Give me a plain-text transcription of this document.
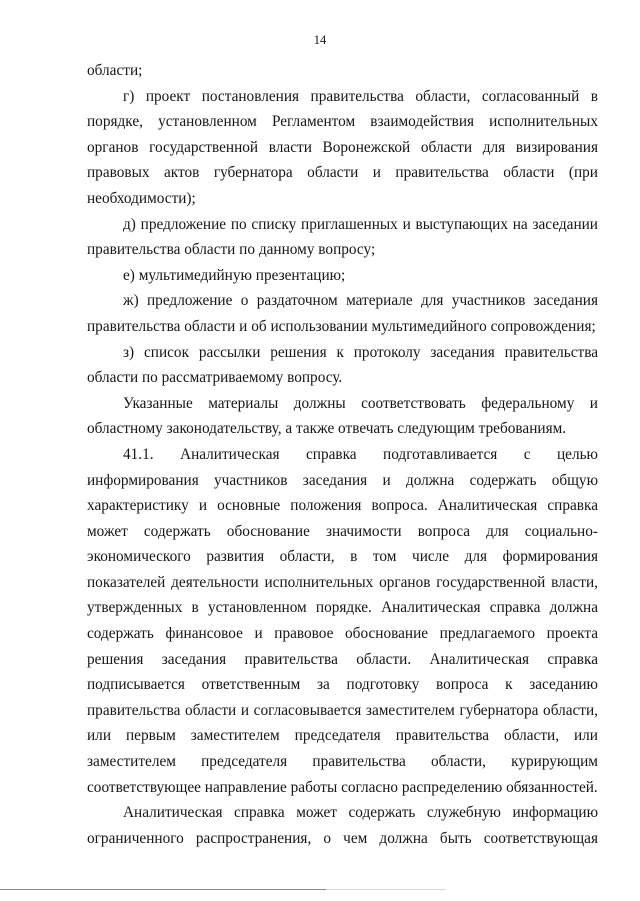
14

области;

г) проект постановления правительства области, согласованный в порядке, установленном Регламентом взаимодействия исполнительных органов государственной власти Воронежской области для визирования правовых актов губернатора области и правительства области (при необходимости);

д) предложение по списку приглашенных и выступающих на заседании правительства области по данному вопросу;

е) мультимедийную презентацию;

ж) предложение о раздаточном материале для участников заседания правительства области и об использовании мультимедийного сопровождения;

з) список рассылки решения к протоколу заседания правительства области по рассматриваемому вопросу.

Указанные материалы должны соответствовать федеральному и областному законодательству, а также отвечать следующим требованиям.

41.1. Аналитическая справка подготавливается с целью информирования участников заседания и должна содержать общую характеристику и основные положения вопроса. Аналитическая справка может содержать обоснование значимости вопроса для социально-экономического развития области, в том числе для формирования показателей деятельности исполнительных органов государственной власти, утвержденных в установленном порядке. Аналитическая справка должна содержать финансовое и правовое обоснование предлагаемого проекта решения заседания правительства области. Аналитическая справка подписывается ответственным за подготовку вопроса к заседанию правительства области и согласовывается заместителем губернатора области, или первым заместителем председателя правительства области, или заместителем председателя правительства области, курирующим соответствующее направление работы согласно распределению обязанностей.

Аналитическая справка может содержать служебную информацию ограниченного распространения, о чем должна быть соответствующая
